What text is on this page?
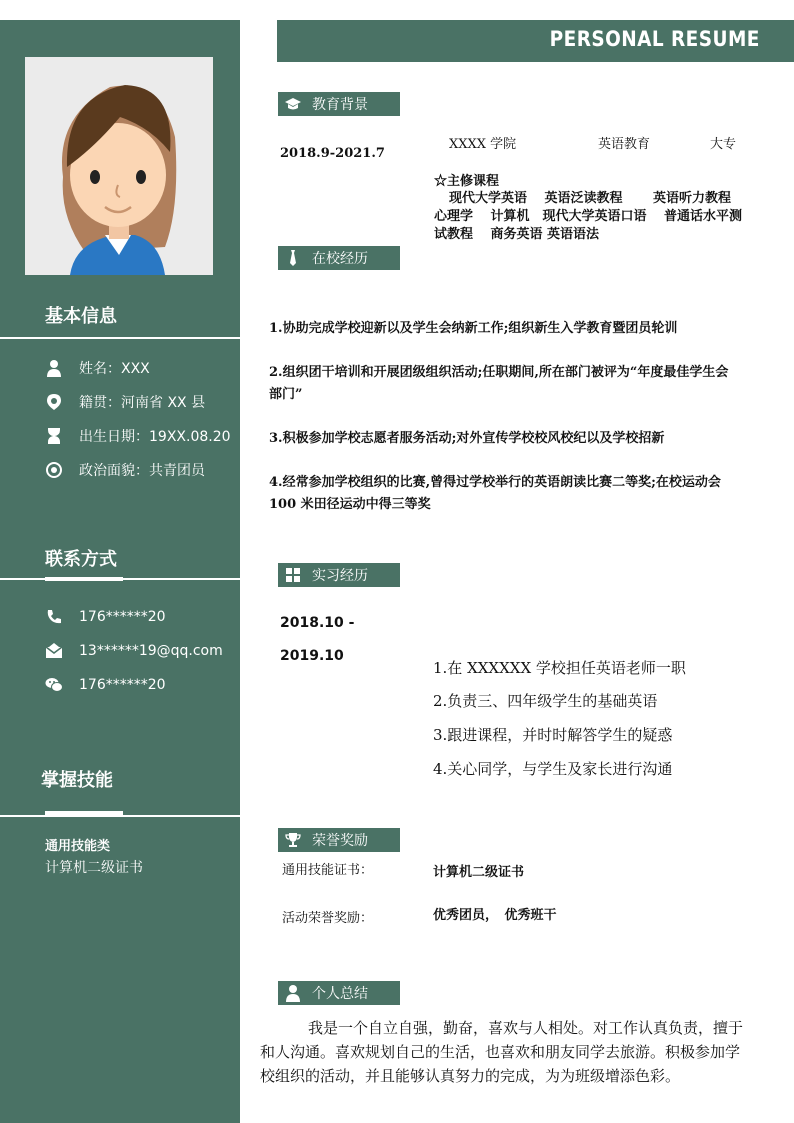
基本信息
姓名：XXX
籍贯：河南省 XX 县
出生日期：19XX.08.20
政治面貌：共青团员
联系方式
176******20
13******19@qq.com
176******20
掌握技能
通用技能类
计算机二级证书
PERSONAL RESUME
教育背景
2018.9-2021.7
XXXX 学院	英语教育	大专
☆主修课程
现代大学英语　 英语泛读教程　　 英语听力教程
心理学　 计算机　现代大学英语口语　 普通话水平测
试教程　 商务英语 英语语法
在校经历
1.协助完成学校迎新以及学生会纳新工作;组织新生入学教育暨团员轮训
2.组织团干培训和开展团级组织活动;任职期间,所在部门被评为“年度最佳学生会部门”
3.积极参加学校志愿者服务活动;对外宣传学校校风校纪以及学校招新
4.经常参加学校组织的比赛,曾得过学校举行的英语朗读比赛二等奖;在校运动会 100 米田径运动中得三等奖
实习经历
2018.10 -
2019.10
1.在 XXXXXX 学校担任英语老师一职
2.负责三、四年级学生的基础英语
3.跟进课程，并时时解答学生的疑惑
4.关心同学，与学生及家长进行沟通
荣誉奖励
通用技能证书：	计算机二级证书
活动荣誉奖励：	优秀团员，　优秀班干
个人总结
我是一个自立自强，勤奋，喜欢与人相处。对工作认真负责，擅于和人沟通。喜欢规划自己的生活，也喜欢和朋友同学去旅游。积极参加学校组织的活动，并且能够认真努力的完成，为为班级增添色彩。
